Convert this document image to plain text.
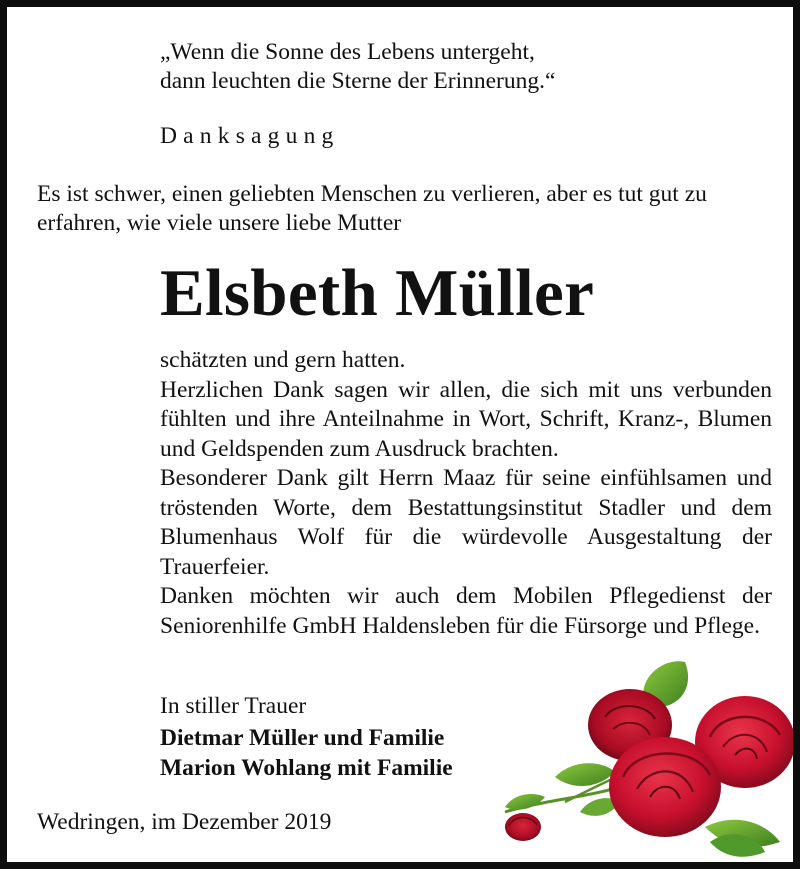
„Wenn die Sonne des Lebens untergeht,
dann leuchten die Sterne der Erinnerung.“
Danksagung
Es ist schwer, einen geliebten Menschen zu verlieren, aber es tut gut zu
erfahren, wie viele unsere liebe Mutter
Elsbeth Müller
schätzten und gern hatten.
Herzlichen Dank sagen wir allen, die sich mit uns verbunden fühlten und ihre Anteilnahme in Wort, Schrift, Kranz-, Blumen und Geldspenden zum Ausdruck brachten.
Besonderer Dank gilt Herrn Maaz für seine einfühlsamen und tröstenden Worte, dem Bestattungsinstitut Stadler und dem Blumenhaus Wolf für die würdevolle Ausgestaltung der Trauerfeier.
Danken möchten wir auch dem Mobilen Pflegedienst der Seniorenhilfe GmbH Haldensleben für die Fürsorge und Pflege.
In stiller Trauer
Dietmar Müller und Familie
Marion Wohlang mit Familie
Wedringen, im Dezember 2019
